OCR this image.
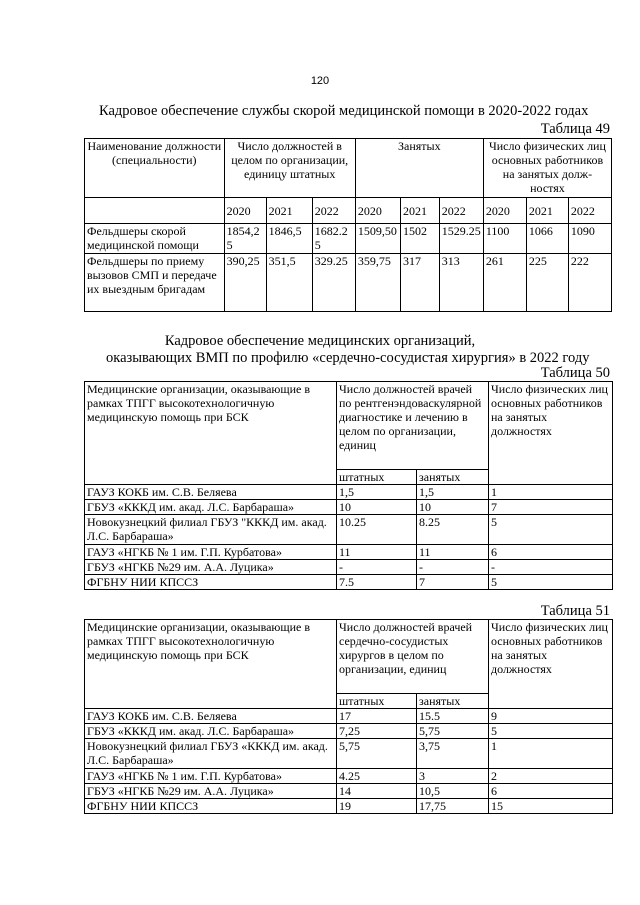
120
Кадровое обеспечение службы скорой медицинской помощи в 2020-2022 годах
Таблица 49
Наименование должности (специальности)	Число должностей в целом по организации, единицу штатных			Занятых			Число физических лиц основных работников на занятых долж-ностях		
	2020	2021	2022	2020	2021	2022	2020	2021	2022
Фельдшеры скорой медицинской помощи	1854,25	1846,5	1682.25	1509,50	1502	1529.25	1100	1066	1090
Фельдшеры по приему вызовов СМП и передаче их выездным бригадам	390,25	351,5	329.25	359,75	317	313	261	225	222
Кадровое обеспечение медицинских организаций,
оказывающих ВМП по профилю «сердечно-сосудистая хирургия» в 2022 году
Таблица 50
Медицинские организации, оказывающие в рамках ТПГГ высокотехнологичную медицинскую помощь при БСК	Число должностей врачей по рентгенэндоваскулярной диагностике и лечению в целом по организации, единиц		Число физических лиц основных работников на занятых должностях
	штатных	занятых	
ГАУЗ КОКБ им. С.В. Беляева	1,5	1,5	1
ГБУЗ «КККД им. акад. Л.С. Барбараша»	10	10	7
Новокузнецкий филиал ГБУЗ "КККД им. акад. Л.С. Барбараша»	10.25	8.25	5
ГАУЗ «НГКБ № 1 им. Г.П. Курбатова»	11	11	6
ГБУЗ «НГКБ №29 им. А.А. Луцика»	-	-	-
ФГБНУ НИИ КПССЗ	7.5	7	5
Таблица 51
Медицинские организации, оказывающие в рамках ТПГГ высокотехнологичную медицинскую помощь при БСК	Число должностей врачей сердечно-сосудистых хирургов в целом по организации, единиц		Число физических лиц основных работников на занятых должностях
	штатных	занятых	
ГАУЗ КОКБ им. С.В. Беляева	17	15.5	9
ГБУЗ «КККД им. акад. Л.С. Барбараша»	7,25	5,75	5
Новокузнецкий филиал ГБУЗ «КККД им. акад. Л.С. Барбараша»	5,75	3,75	1
ГАУЗ «НГКБ № 1 им. Г.П. Курбатова»	4.25	3	2
ГБУЗ «НГКБ №29 им. А.А. Луцика»	14	10,5	6
ФГБНУ НИИ КПССЗ	19	17,75	15
